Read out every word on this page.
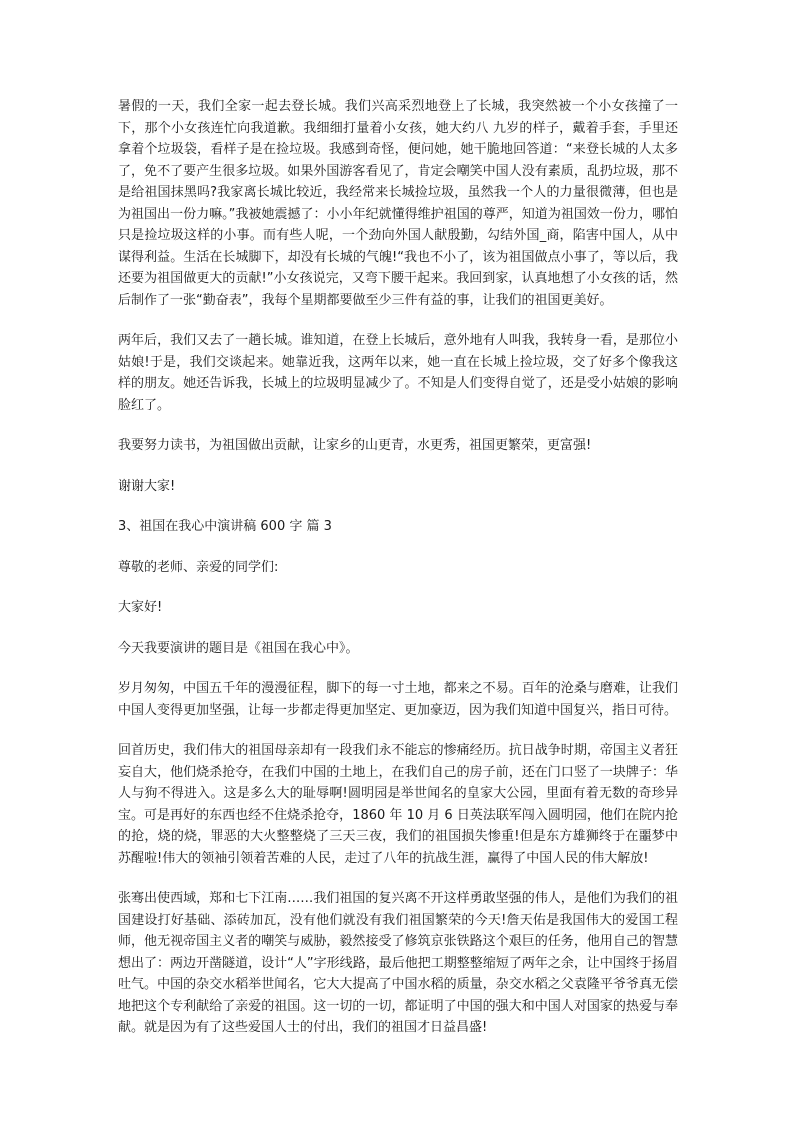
暑假的一天，我们全家一起去登长城。我们兴高采烈地登上了长城，我突然被一个小女孩撞了一下，那个小女孩连忙向我道歉。我细细打量着小女孩，她大约八 九岁的样子，戴着手套，手里还拿着个垃圾袋，看样子是在捡垃圾。我感到奇怪，便问她，她干脆地回答道：“来登长城的人太多了，免不了要产生很多垃圾。如果外国游客看见了，肯定会嘲笑中国人没有素质，乱扔垃圾，那不是给祖国抹黑吗?我家离长城比较近，我经常来长城捡垃圾，虽然我一个人的力量很微薄，但也是为祖国出一份力嘛。”我被她震撼了：小小年纪就懂得维护祖国的尊严，知道为祖国效一份力，哪怕只是捡垃圾这样的小事。而有些人呢，一个劲向外国人献殷勤，勾结外国_商，陷害中国人，从中谋得利益。生活在长城脚下，却没有长城的气魄!“我也不小了，该为祖国做点小事了，等以后，我还要为祖国做更大的贡献!”小女孩说完，又弯下腰干起来。我回到家，认真地想了小女孩的话，然后制作了一张“勤奋表”，我每个星期都要做至少三件有益的事，让我们的祖国更美好。

两年后，我们又去了一趟长城。谁知道，在登上长城后，意外地有人叫我，我转身一看，是那位小姑娘!于是，我们交谈起来。她靠近我，这两年以来，她一直在长城上捡垃圾，交了好多个像我这样的朋友。她还告诉我，长城上的垃圾明显减少了。不知是人们变得自觉了，还是受小姑娘的影响脸红了。

我要努力读书，为祖国做出贡献，让家乡的山更青，水更秀，祖国更繁荣，更富强!

谢谢大家!

3、祖国在我心中演讲稿 600 字 篇 3

尊敬的老师、亲爱的同学们:

大家好!

今天我要演讲的题目是《祖国在我心中》。

岁月匆匆，中国五千年的漫漫征程，脚下的每一寸土地，都来之不易。百年的沧桑与磨难，让我们中国人变得更加坚强，让每一步都走得更加坚定、更加豪迈，因为我们知道中国复兴，指日可待。

回首历史，我们伟大的祖国母亲却有一段我们永不能忘的惨痛经历。抗日战争时期，帝国主义者狂妄自大，他们烧杀抢夺，在我们中国的土地上，在我们自己的房子前，还在门口竖了一块牌子：华人与狗不得进入。这是多么大的耻辱啊!圆明园是举世闻名的皇家大公园，里面有着无数的奇珍异宝。可是再好的东西也经不住烧杀抢夺，1860 年 10 月 6 日英法联军闯入圆明园，他们在院内抢的抢，烧的烧，罪恶的大火整整烧了三天三夜，我们的祖国损失惨重!但是东方雄狮终于在噩梦中苏醒啦!伟大的领袖引领着苦难的人民，走过了八年的抗战生涯，赢得了中国人民的伟大解放!

张骞出使西域，郑和七下江南……我们祖国的复兴离不开这样勇敢坚强的伟人，是他们为我们的祖国建设打好基础、添砖加瓦，没有他们就没有我们祖国繁荣的今天!詹天佑是我国伟大的爱国工程师，他无视帝国主义者的嘲笑与威胁，毅然接受了修筑京张铁路这个艰巨的任务，他用自己的智慧想出了：两边开凿隧道，设计“人”字形线路，最后他把工期整整缩短了两年之余，让中国终于扬眉吐气。中国的杂交水稻举世闻名，它大大提高了中国水稻的质量，杂交水稻之父袁隆平爷爷真无偿地把这个专利献给了亲爱的祖国。这一切的一切，都证明了中国的强大和中国人对国家的热爱与奉献。就是因为有了这些爱国人士的付出，我们的祖国才日益昌盛!
